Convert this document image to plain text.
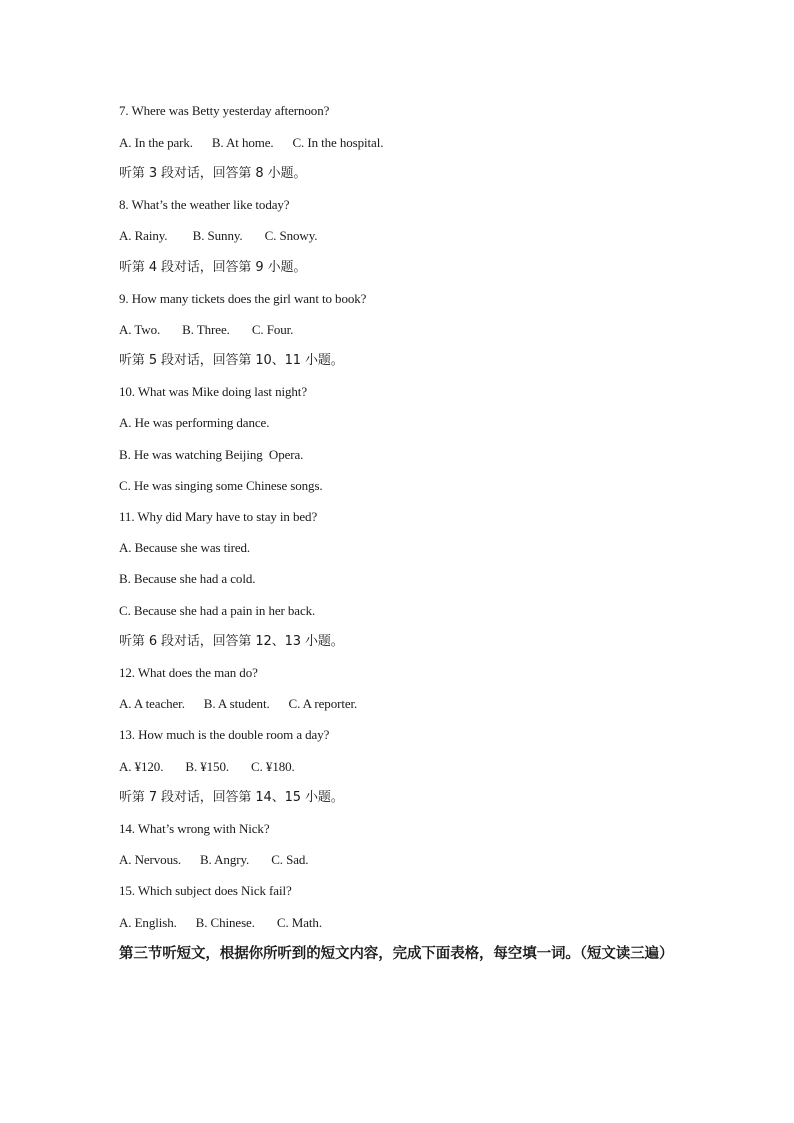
7. Where was Betty yesterday afternoon?
A. In the park.      B. At home.      C. In the hospital.
听第 3 段对话，回答第 8 小题。
8. What’s the weather like today?
A. Rainy.        B. Sunny.       C. Snowy.
听第 4 段对话，回答第 9 小题。
9. How many tickets does the girl want to book?
A. Two.       B. Three.       C. Four.
听第 5 段对话，回答第 10、11 小题。
10. What was Mike doing last night?
A. He was performing dance.
B. He was watching Beijing  Opera.
C. He was singing some Chinese songs.
11. Why did Mary have to stay in bed?
A. Because she was tired.
B. Because she had a cold.
C. Because she had a pain in her back.
听第 6 段对话，回答第 12、13 小题。
12. What does the man do?
A. A teacher.      B. A student.      C. A reporter.
13. How much is the double room a day?
A. ¥120.       B. ¥150.       C. ¥180.
听第 7 段对话，回答第 14、15 小题。
14. What’s wrong with Nick?
A. Nervous.      B. Angry.       C. Sad.
15. Which subject does Nick fail?
A. English.      B. Chinese.       C. Math.
第三节听短文，根据你所听到的短文内容，完成下面表格，每空填一词。（短文读三遍）
